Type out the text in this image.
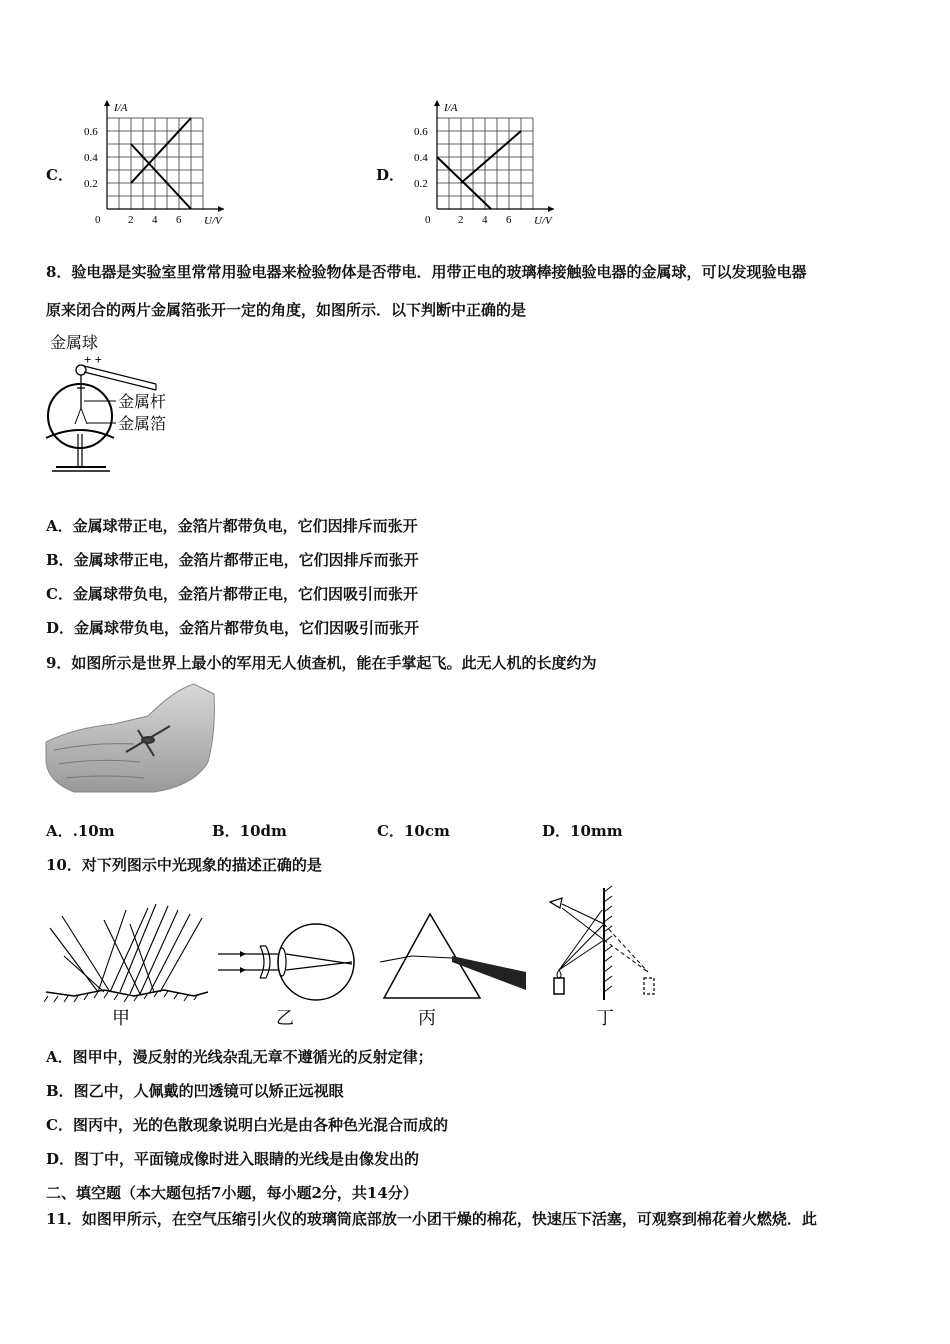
C．	D．
I/A
U/V
0.6
0.4
0.2
0	2 4 6
I/A
U/V
0.6
0.4
0.2
0	2 4 6
8．验电器是实验室里常常用验电器来检验物体是否带电．用带正电的玻璃棒接触验电器的金属球，可以发现验电器
原来闭合的两片金属箔张开一定的角度，如图所示．以下判断中正确的是
金属球
+ +
金属杆
金属箔
A．金属球带正电，金箔片都带负电，它们因排斥而张开
B．金属球带正电，金箔片都带正电，它们因排斥而张开
C．金属球带负电，金箔片都带正电，它们因吸引而张开
D．金属球带负电，金箔片都带负电，它们因吸引而张开
9．如图所示是世界上最小的军用无人侦查机，能在手掌起飞。此无人机的长度约为
A．.10m	B．10dm	C．10cm	D．10mm
10．对下列图示中光现象的描述正确的是
甲	乙	丙	丁
A．图甲中，漫反射的光线杂乱无章不遵循光的反射定律；
B．图乙中，人佩戴的凹透镜可以矫正远视眼
C．图丙中，光的色散现象说明白光是由各种色光混合而成的
D．图丁中，平面镜成像时进入眼睛的光线是由像发出的
二、填空题（本大题包括7小题，每小题2分，共14分）
11．如图甲所示，在空气压缩引火仪的玻璃筒底部放一小团干燥的棉花，快速压下活塞，可观察到棉花着火燃烧．此
